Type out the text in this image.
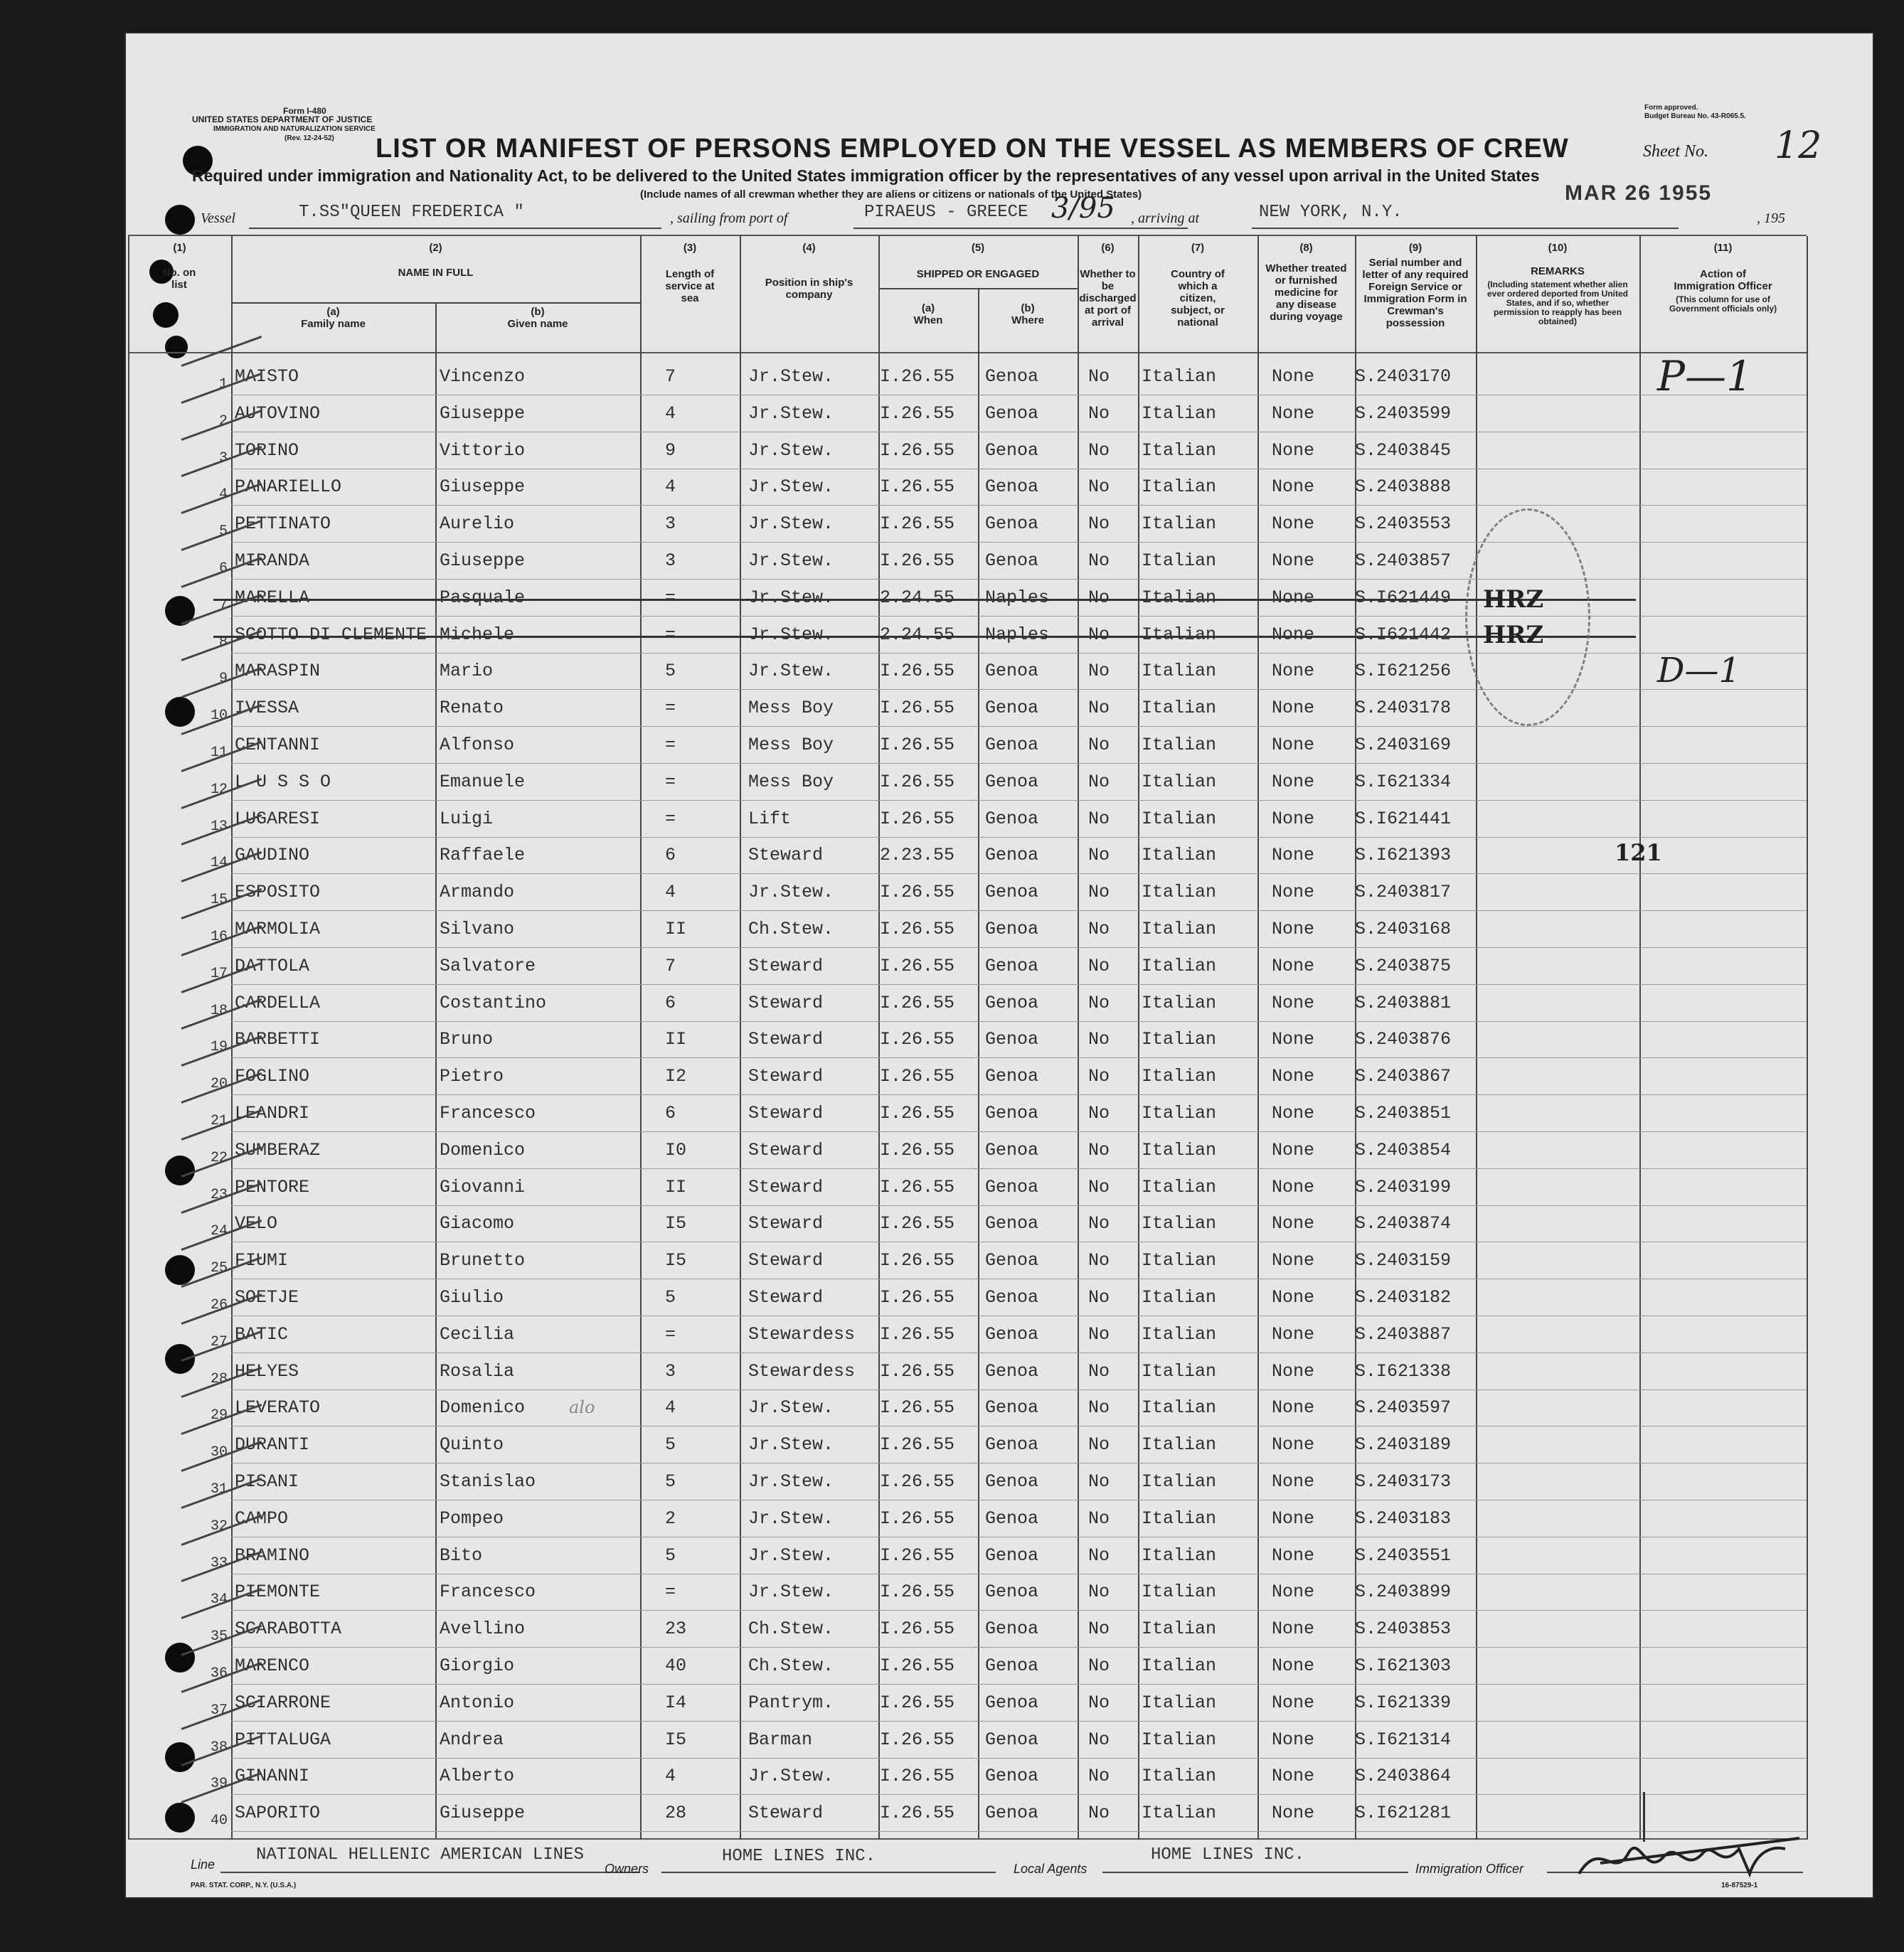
Form I-480
UNITED STATES DEPARTMENT OF JUSTICE
IMMIGRATION AND NATURALIZATION SERVICE
(Rev. 12-24-52)
Form approved.
Budget Bureau No. 43-R065.5.
LIST OR MANIFEST OF PERSONS EMPLOYED ON THE VESSEL AS MEMBERS OF CREW	Sheet No. 12
Required under immigration and Nationality Act, to be delivered to the United States immigration officer by the representatives of any vessel upon arrival in the United States
(Include names of all crewman whether they are aliens or citizens or nationals of the United States)
Vessel	T.SS"QUEEN FREDERICA "	, sailing from port of	PIRAEUS - GREECE 3/95 , arriving at	NEW YORK, N.Y.
MAR 26 1955
, 195
(1)
No. on list
(2)
NAME IN FULL
(a)
Family name
(b)
Given name
(3)
Length of service at sea
(4)
Position in ship's company
(5)
SHIPPED OR ENGAGED
(a)
When
(b)
Where
(6)
Whether to be discharged at port of arrival
(7)
Country of which a citizen, subject, or national
(8)
Whether treated or furnished medicine for any disease during voyage
(9)
Serial number and letter of any required Foreign Service or Immigration Form in Crewman's possession
(10)
REMARKS
(Including statement whether alien ever ordered deported from United States, and if so, whether permission to reapply has been obtained)
(11)
Action of Immigration Officer
(This column for use of Government officials only)
1 MAISTO	Vincenzo	7	Jr.Stew.	I.26.55 Genoa	No Italian	None S.2403170
2 AUTOVINO	Giuseppe	4	Jr.Stew.	I.26.55 Genoa	No Italian	None S.2403599
3 TORINO	Vittorio	9	Jr.Stew.	I.26.55 Genoa	No Italian	None S.2403845
4 PANARIELLO	Giuseppe	4	Jr.Stew.	I.26.55 Genoa	No Italian	None S.2403888
5 PETTINATO	Aurelio	3	Jr.Stew.	I.26.55 Genoa	No Italian	None S.2403553
6 MIRANDA	Giuseppe	3	Jr.Stew.	I.26.55 Genoa	No Italian	None S.2403857
7 MARELLA	Pasquale	=	Jr.Stew.	2.24.55 Naples No Italian	None S.I621449
8 SCOTTO DI CLEMENTE Michele	=	Jr.Stew.	2.24.55 Naples No Italian	None S.I621442
9 MARASPIN	Mario	5	Jr.Stew.	I.26.55 Genoa	No Italian	None S.I621256
10 IVESSA	Renato	=	Mess Boy	I.26.55 Genoa	No Italian	None S.2403178
11 CENTANNI	Alfonso	=	Mess Boy	I.26.55 Genoa	No Italian	None S.2403169
12 L U S S O	Emanuele	=	Mess Boy	I.26.55 Genoa	No Italian	None S.I621334
13 LUGARESI	Luigi	=	Lift	I.26.55 Genoa	No Italian	None S.I621441
14 GAUDINO	Raffaele	6	Steward	2.23.55 Genoa	No Italian	None S.I621393
15 ESPOSITO	Armando	4	Jr.Stew.	I.26.55 Genoa	No Italian	None S.2403817
16 MARMOLIA	Silvano	II	Ch.Stew.	I.26.55 Genoa	No Italian	None S.2403168
17 DATTOLA	Salvatore	7	Steward	I.26.55 Genoa	No Italian	None S.2403875
18 CARDELLA	Costantino	6	Steward	I.26.55 Genoa	No Italian	None S.2403881
19 BARBETTI	Bruno	II	Steward	I.26.55 Genoa	No Italian	None S.2403876
20 FOGLINO	Pietro	I2	Steward	I.26.55 Genoa	No Italian	None S.2403867
21 LEANDRI	Francesco	6	Steward	I.26.55 Genoa	No Italian	None S.2403851
22 SUMBERAZ	Domenico	I0	Steward	I.26.55 Genoa	No Italian	None S.2403854
23 PENTORE	Giovanni	II	Steward	I.26.55 Genoa	No Italian	None S.2403199
24 VELO	Giacomo	I5	Steward	I.26.55 Genoa	No Italian	None S.2403874
25 FIUMI	Brunetto	I5	Steward	I.26.55 Genoa	No Italian	None S.2403159
26 SOETJE	Giulio	5	Steward	I.26.55 Genoa	No Italian	None S.2403182
27 BATIC	Cecilia	=	Stewardess I.26.55 Genoa	No Italian	None S.2403887
28 HELYES	Rosalia	3	Stewardess I.26.55 Genoa	No Italian	None S.I621338
29 LEVERATO	Domenico	4	Jr.Stew.	I.26.55 Genoa	No Italian	None S.2403597
30 DURANTI	Quinto	5	Jr.Stew.	I.26.55 Genoa	No Italian	None S.2403189
31 PISANI	Stanislao	5	Jr.Stew.	I.26.55 Genoa	No Italian	None S.2403173
32 CAMPO	Pompeo	2	Jr.Stew.	I.26.55 Genoa	No Italian	None S.2403183
33 BRAMINO	Bito	5	Jr.Stew.	I.26.55 Genoa	No Italian	None S.2403551
34 PIEMONTE	Francesco	=	Jr.Stew.	I.26.55 Genoa	No Italian	None S.2403899
35 SCARABOTTA	Avellino	23	Ch.Stew.	I.26.55 Genoa	No Italian	None S.2403853
36 MARENCO	Giorgio	40	Ch.Stew.	I.26.55 Genoa	No Italian	None S.I621303
37 SCIARRONE	Antonio	I4	Pantrym.	I.26.55 Genoa	No Italian	None S.I621339
38 PITTALUGA	Andrea	I5	Barman	I.26.55 Genoa	No Italian	None S.I621314
39 GINANNI	Alberto	4	Jr.Stew.	I.26.55 Genoa	No Italian	None S.2403864
40 SAPORITO	Giuseppe	28	Steward	I.26.55 Genoa	No Italian	None S.I621281
121
HRZ
HRZ
P—1
D—1
alo
Line NATIONAL HELLENIC AMERICAN LINES
Owners
HOME LINES INC.
Local Agents
HOME LINES INC.
Immigration Officer
PAR. STAT. CORP., N.Y. (U.S.A.)	16-87529-1
